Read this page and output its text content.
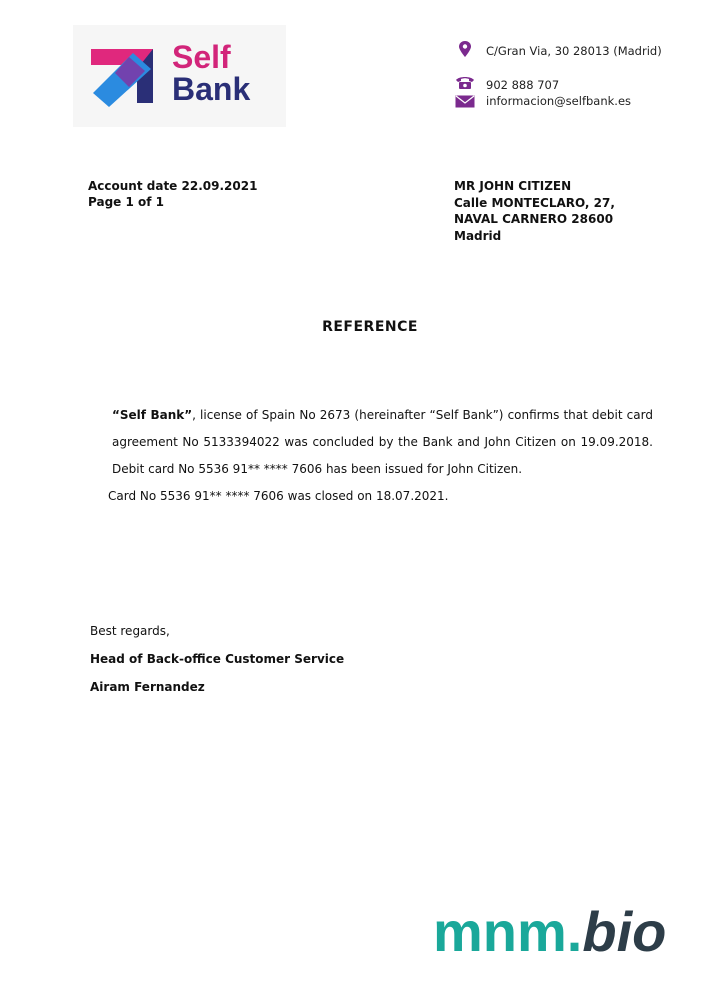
Self
Bank
C/Gran Via, 30 28013 (Madrid)
902 888 707
informacion@selfbank.es
Account date 22.09.2021
Page 1 of 1
MR JOHN CITIZEN
Calle MONTECLARO, 27,
NAVAL CARNERO 28600
Madrid
REFERENCE

“Self Bank”, license of Spain No 2673 (hereinafter “Self Bank”) confirms that debit card agreement No 5133394022 was concluded by the Bank and John Citizen on 19.09.2018. Debit card No 5536 91** **** 7606 has been issued for John Citizen.

Card No 5536 91** **** 7606 was closed on 18.07.2021.

Best regards,
Head of Back-office Customer Service
Airam Fernandez
mnm.bio
